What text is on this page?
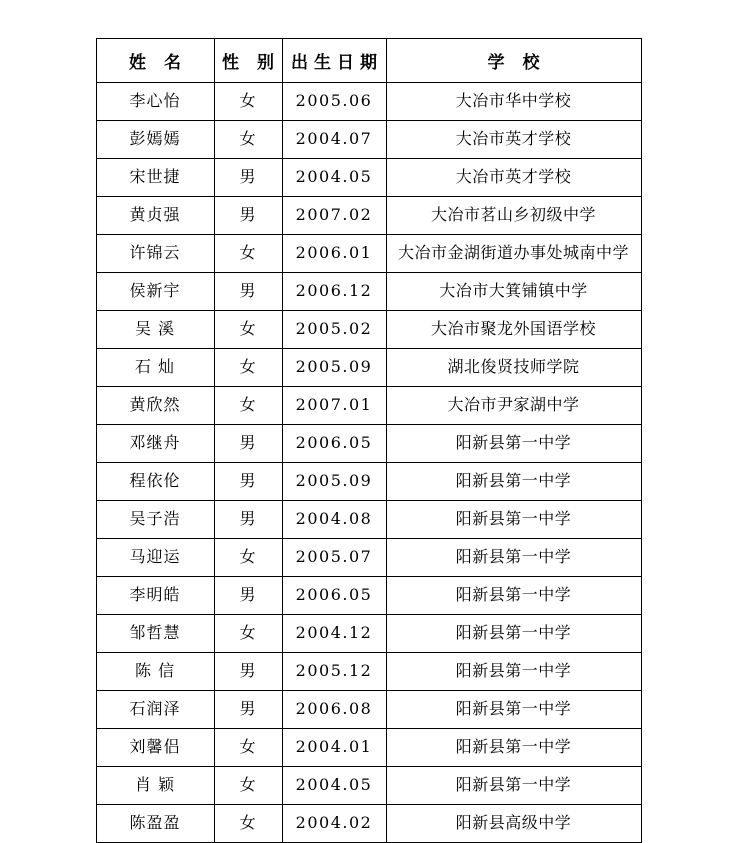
姓 名	性 别	出生日期	学 校
李心怡	女	2005.06	大冶市华中学校
彭嫣嫣	女	2004.07	大冶市英才学校
宋世捷	男	2004.05	大冶市英才学校
黄贞强	男	2007.02	大冶市茗山乡初级中学
许锦云	女	2006.01	大冶市金湖街道办事处城南中学
侯新宇	男	2006.12	大冶市大箕铺镇中学
吴 溪	女	2005.02	大冶市聚龙外国语学校
石 灿	女	2005.09	湖北俊贤技师学院
黄欣然	女	2007.01	大冶市尹家湖中学
邓继舟	男	2006.05	阳新县第一中学
程依伦	男	2005.09	阳新县第一中学
吴子浩	男	2004.08	阳新县第一中学
马迎运	女	2005.07	阳新县第一中学
李明皓	男	2006.05	阳新县第一中学
邹哲慧	女	2004.12	阳新县第一中学
陈 信	男	2005.12	阳新县第一中学
石润泽	男	2006.08	阳新县第一中学
刘馨侣	女	2004.01	阳新县第一中学
肖 颖	女	2004.05	阳新县第一中学
陈盈盈	女	2004.02	阳新县高级中学
